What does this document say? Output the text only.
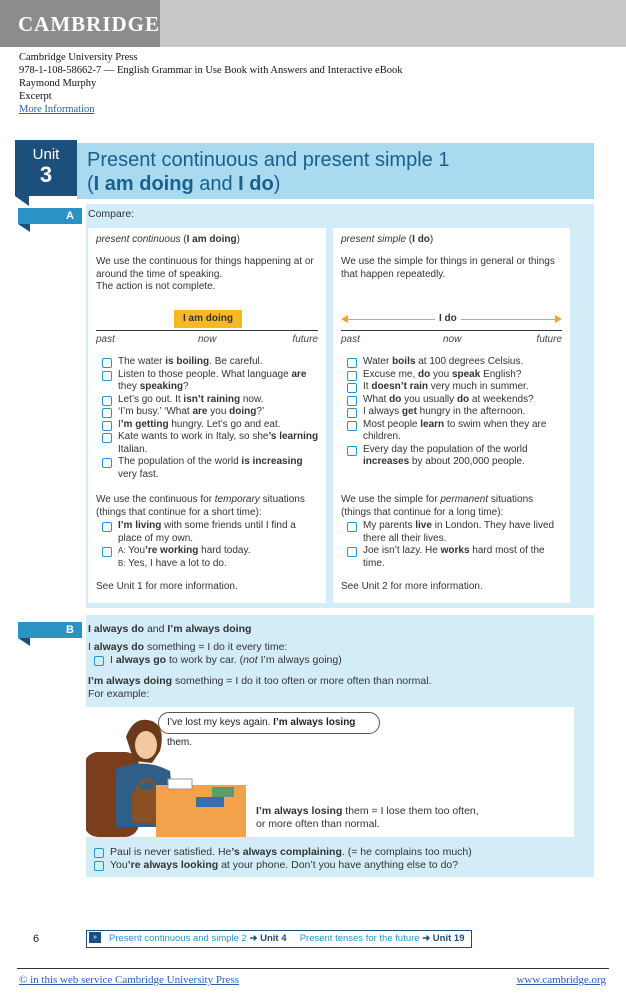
CAMBRIDGE
Cambridge University Press
978-1-108-58662-7 — English Grammar in Use Book with Answers and Interactive eBook
Raymond Murphy
Excerpt
More Information
Unit
3
Present continuous and present simple 1
(I am doing and I do)
A	Compare:
present continuous (I am doing)
We use the continuous for things happening at or around the time of speaking.
The action is not complete.
I am doing
past	now	future
The water is boiling. Be careful.
Listen to those people. What language are they speaking?
Let’s go out. It isn’t raining now.
‘I’m busy.’ ‘What are you doing?’
I’m getting hungry. Let’s go and eat.
Kate wants to work in Italy, so she’s learning Italian.
The population of the world is increasing very fast.
We use the continuous for temporary situations (things that continue for a short time):
I’m living with some friends until I find a place of my own.
A: You’re working hard today.
B: Yes, I have a lot to do.
See Unit 1 for more information.
present simple (I do)
We use the simple for things in general or things that happen repeatedly.
I do
past	now	future
Water boils at 100 degrees Celsius.
Excuse me, do you speak English?
It doesn’t rain very much in summer.
What do you usually do at weekends?
I always get hungry in the afternoon.
Most people learn to swim when they are children.
Every day the population of the world increases by about 200,000 people.
We use the simple for permanent situations (things that continue for a long time):
My parents live in London. They have lived there all their lives.
Joe isn’t lazy. He works hard most of the time.
See Unit 2 for more information.
B	I always do and I’m always doing
I always do something = I do it every time:
I always go to work by car. (not I’m always going)
I’m always doing something = I do it too often or more often than normal.
For example:
I’ve lost my keys again. I’m always losing them.
I’m always losing them = I lose them too often,
or more often than normal.
Paul is never satisfied. He’s always complaining. (= he complains too much)
You’re always looking at your phone. Don’t you have anything else to do?
6	»	Present continuous and simple 2 ➜ Unit 4 Present tenses for the future ➜ Unit 19
© in this web service Cambridge University Press	www.cambridge.org
